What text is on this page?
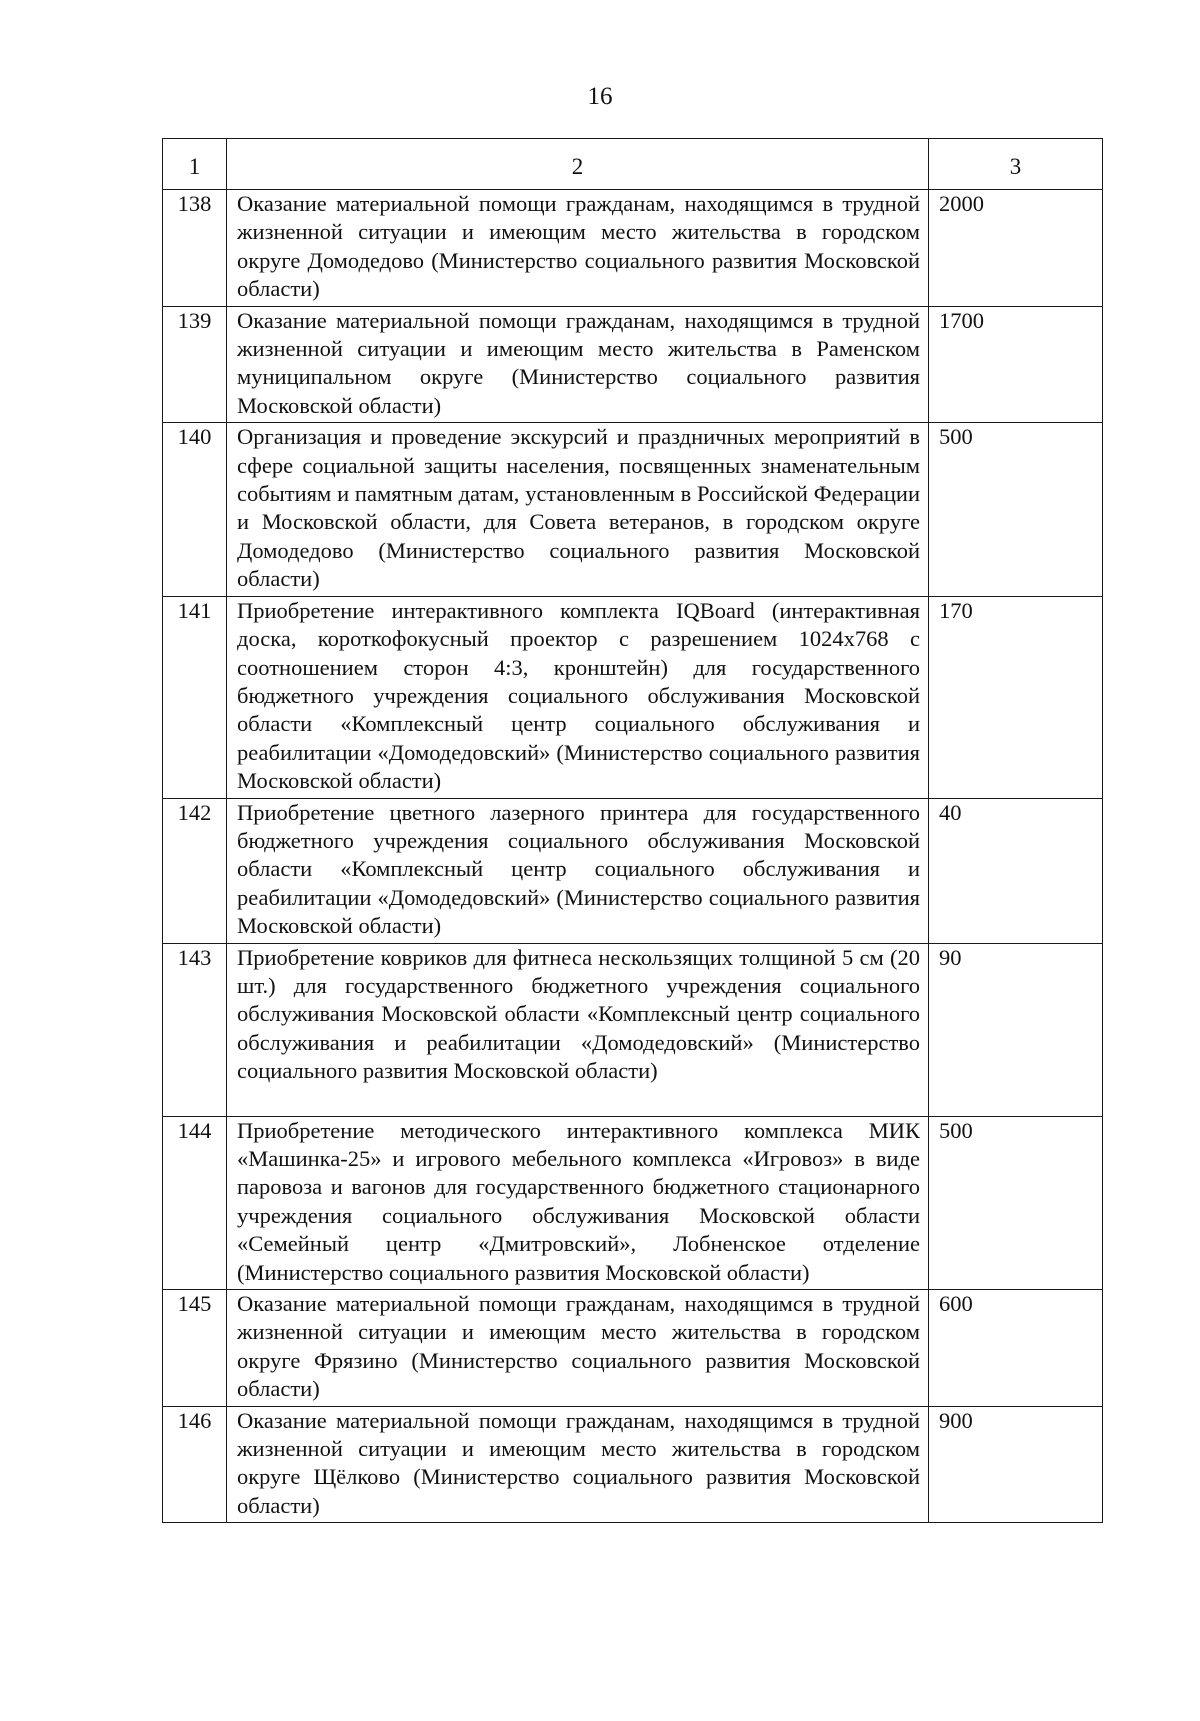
16
1	2	3
138	Оказание материальной помощи гражданам, находящимся в трудной жизненной ситуации и имеющим место жительства в городском округе Домодедово (Министерство социального развития Московской области)	2000
139	Оказание материальной помощи гражданам, находящимся в трудной жизненной ситуации и имеющим место жительства в Раменском муниципальном округе (Министерство социального развития Московской области)	1700
140	Организация и проведение экскурсий и праздничных мероприятий в сфере социальной защиты населения, посвященных знаменательным событиям и памятным датам, установленным в Российской Федерации и Московской области, для Совета ветеранов, в городском округе Домодедово (Министерство социального развития Московской области)	500
141	Приобретение интерактивного комплекта IQBoard (интерактивная доска, короткофокусный проектор с разрешением 1024x768 с соотношением сторон 4:3, кронштейн) для государственного бюджетного учреждения социального обслуживания Московской области «Комплексный центр социального обслуживания и реабилитации «Домодедовский» (Министерство социального развития Московской области)	170
142	Приобретение цветного лазерного принтера для государственного бюджетного учреждения социального обслуживания Московской области «Комплексный центр социального обслуживания и реабилитации «Домодедовский» (Министерство социального развития Московской области)	40
143	Приобретение ковриков для фитнеса нескользящих толщиной 5 см (20 шт.) для государственного бюджетного учреждения социального обслуживания Московской области «Комплексный центр социального обслуживания и реабилитации «Домодедовский» (Министерство социального развития Московской области)	90
144	Приобретение методического интерактивного комплекса МИК «Машинка-25» и игрового мебельного комплекса «Игровоз» в виде паровоза и вагонов для государственного бюджетного стационарного учреждения социального обслуживания Московской области «Семейный центр «Дмитровский», Лобненское отделение (Министерство социального развития Московской области)	500
145	Оказание материальной помощи гражданам, находящимся в трудной жизненной ситуации и имеющим место жительства в городском округе Фрязино (Министерство социального развития Московской области)	600
146	Оказание материальной помощи гражданам, находящимся в трудной жизненной ситуации и имеющим место жительства в городском округе Щёлково (Министерство социального развития Московской области)	900
